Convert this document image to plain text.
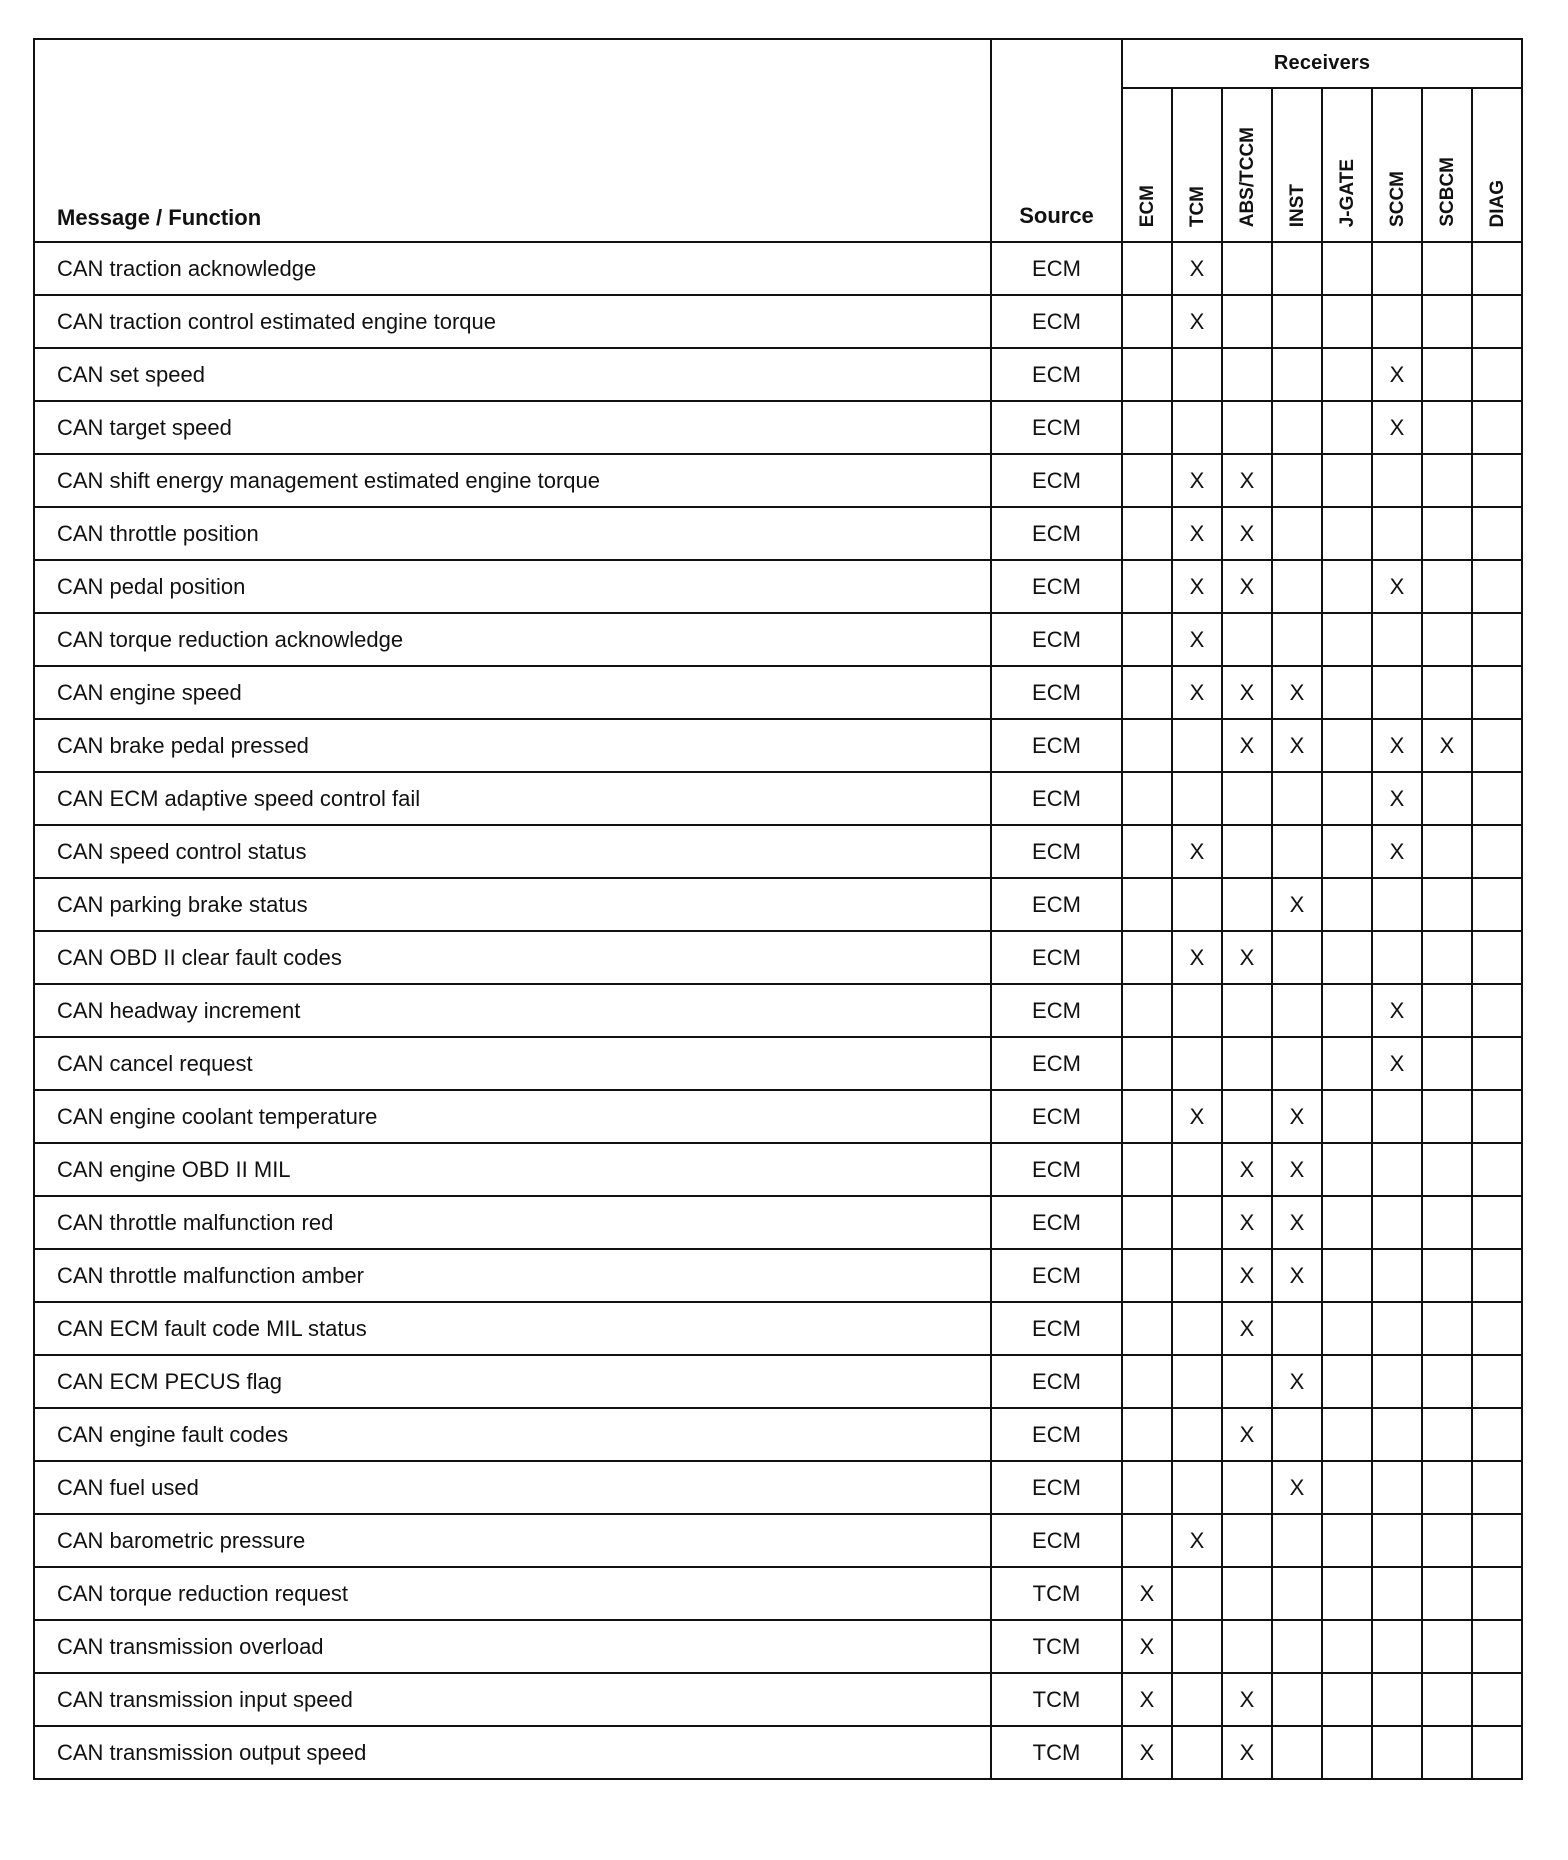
Message / Function	Source	Receivers							

		ECM	TCM	ABS/TCCM	INST	J-GATE	SCCM	SCBCM	DIAG

CAN traction acknowledge	ECM		X						
CAN traction control estimated engine torque	ECM		X						
CAN set speed	ECM						X		
CAN target speed	ECM						X		
CAN shift energy management estimated engine torque	ECM		X	X					
CAN throttle position	ECM		X	X					
CAN pedal position	ECM		X	X			X		
CAN torque reduction acknowledge	ECM		X						
CAN engine speed	ECM		X	X	X				
CAN brake pedal pressed	ECM			X	X		X	X	
CAN ECM adaptive speed control fail	ECM						X		
CAN speed control status	ECM		X				X		
CAN parking brake status	ECM				X				
CAN OBD II clear fault codes	ECM		X	X					
CAN headway increment	ECM						X		
CAN cancel request	ECM						X		
CAN engine coolant temperature	ECM		X		X				
CAN engine OBD II MIL	ECM			X	X				
CAN throttle malfunction red	ECM			X	X				
CAN throttle malfunction amber	ECM			X	X				
CAN ECM fault code MIL status	ECM			X					
CAN ECM PECUS flag	ECM				X				
CAN engine fault codes	ECM			X					
CAN fuel used	ECM				X				
CAN barometric pressure	ECM		X						
CAN torque reduction request	TCM	X							
CAN transmission overload	TCM	X							
CAN transmission input speed	TCM	X		X					
CAN transmission output speed	TCM	X		X					
